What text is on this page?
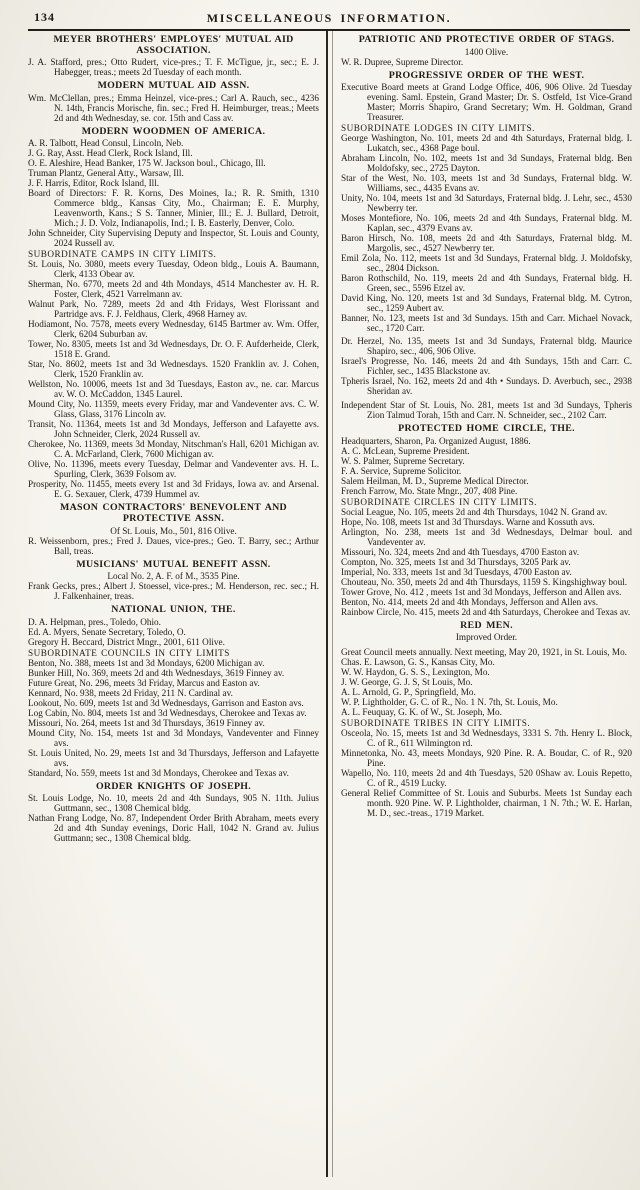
134	MISCELLANEOUS INFORMATION.
MEYER BROTHERS' EMPLOYES' MUTUAL AID ASSOCIATION.
J. A. Stafford, pres.; Otto Rudert, vice-pres.; T. F. McTigue, jr., sec.; E. J. Habegger, treas.; meets 2d Tuesday of each month.
MODERN MUTUAL AID ASSN.
Wm. McClellan, pres.; Emma Heinzel, vice-pres.; Carl A. Rauch, sec., 4236 N. 14th, Francis Morische, fin. sec.; Fred H. Heimburger, treas.; Meets 2d and 4th Wednesday, se. cor. 15th and Cass av.
MODERN WOODMEN OF AMERICA.
A. R. Talbott, Head Consul, Lincoln, Neb.
J. G. Ray, Asst. Head Clerk, Rock Island, Ill.
O. E. Aleshire, Head Banker, 175 W. Jackson boul., Chicago, Ill.
Truman Plantz, General Atty., Warsaw, Ill.
J. F. Harris, Editor, Rock Island, Ill.
Board of Directors: F. R. Korns, Des Moines, Ia.; R. R. Smith, 1310 Commerce bldg., Kansas City, Mo., Chairman; E. E. Murphy, Leavenworth, Kans.; S S. Tanner, Minier, Ill.; E. J. Bullard, Detroit, Mich.; J. D. Volz, Indianapolis, Ind.; I. B. Easterly, Denver, Colo.
John Schneider, City Supervising Deputy and Inspector, St. Louis and County, 2024 Russell av.
SUBORDINATE CAMPS IN CITY LIMITS.
St. Louis, No. 3080, meets every Tuesday, Odeon bldg., Louis A. Baumann, Clerk, 4133 Obear av.
Sherman, No. 6770, meets 2d and 4th Mondays, 4514 Manchester av. H. R. Foster, Clerk, 4521 Varrelmann av.
Walnut Park, No. 7289, meets 2d and 4th Fridays, West Florissant and Partridge avs. F. J. Feldhaus, Clerk, 4968 Harney av.
Hodiamont, No. 7578, meets every Wednesday, 6145 Bartmer av. Wm. Offer, Clerk, 6204 Suburban av.
Tower, No. 8305, meets 1st and 3d Wednesdays, Dr. O. F. Aufderheide, Clerk, 1518 E. Grand.
Star, No. 8602, meets 1st and 3d Wednesdays. 1520 Franklin av. J. Cohen, Clerk, 1520 Franklin av.
Wellston, No. 10006, meets 1st and 3d Tuesdays, Easton av., ne. car. Marcus av. W. O. McCaddon, 1345 Laurel.
Mound City, No. 11359, meets every Friday, mar and Vandeventer avs. C. W. Glass, Glass, 3176 Lincoln av.
Transit, No. 11364, meets 1st and 3d Mondays, Jefferson and Lafayette avs. John Schneider, Clerk, 2024 Russell av.
Cherokee, No. 11369, meets 3d Monday, Nitschman's Hall, 6201 Michigan av. C. A. McFarland, Clerk, 7600 Michigan av.
Olive, No. 11396, meets every Tuesday, Delmar and Vandeventer avs. H. L. Spurling, Clerk, 3639 Folsom av.
Prosperity, No. 11455, meets every 1st and 3d Fridays, Iowa av. and Arsenal. E. G. Sexauer, Clerk, 4739 Hummel av.
MASON CONTRACTORS' BENEVOLENT AND PROTECTIVE ASSN.
Of St. Louis, Mo., 501, 816 Olive.
R. Weissenborn, pres.; Fred J. Daues, vice-pres.; Geo. T. Barry, sec.; Arthur Ball, treas.
MUSICIANS' MUTUAL BENEFIT ASSN.
Local No. 2, A. F. of M., 3535 Pine.
Frank Gecks, pres.; Albert J. Stoessel, vice-pres.; M. Henderson, rec. sec.; H. J. Falkenhainer, treas.
NATIONAL UNION, THE.
D. A. Helpman, pres., Toledo, Ohio.
Ed. A. Myers, Senate Secretary, Toledo, O.
Gregory H. Beccard, District Mngr., 2001, 611 Olive.
SUBORDINATE COUNCILS IN CITY LIMITS
Benton, No. 388, meets 1st and 3d Mondays, 6200 Michigan av.
Bunker Hill, No. 369, meets 2d and 4th Wednesdays, 3619 Finney av.
Future Great, No. 296, meets 3d Friday, Marcus and Easton av.
Kennard, No. 938, meets 2d Friday, 211 N. Cardinal av.
Lookout, No. 609, meets 1st and 3d Wednesdays, Garrison and Easton avs.
Log Cabin, No. 804, meets 1st and 3d Wednesdays, Cherokee and Texas av.
Missouri, No. 264, meets 1st and 3d Thursdays, 3619 Finney av.
Mound City, No. 154, meets 1st and 3d Mondays, Vandeventer and Finney avs.
St. Louis United, No. 29, meets 1st and 3d Thursdays, Jefferson and Lafayette avs.
Standard, No. 559, meets 1st and 3d Mondays, Cherokee and Texas av.
ORDER KNIGHTS OF JOSEPH.
St. Louis Lodge, No. 10, meets 2d and 4th Sundays, 905 N. 11th. Julius Guttmann, sec., 1308 Chemical bldg.
Nathan Frang Lodge, No. 87, Independent Order Brith Abraham, meets every 2d and 4th Sunday evenings, Doric Hall, 1042 N. Grand av. Julius Guttmann; sec., 1308 Chemical bldg.
PATRIOTIC AND PROTECTIVE ORDER OF STAGS.
1400 Olive.
W. R. Dupree, Supreme Director.
PROGRESSIVE ORDER OF THE WEST.
Executive Board meets at Grand Lodge Office, 406, 906 Olive. 2d Tuesday evening. Saml. Epstein, Grand Master; Dr. S. Ostfeld, 1st Vice-Grand Master; Morris Shapiro, Grand Secretary; Wm. H. Goldman, Grand Treasurer.
SUBORDINATE LODGES IN CITY LIMITS.
George Washington, No. 101, meets 2d and 4th Saturdays, Fraternal bldg. I. Lukatch, sec., 4368 Page boul.
Abraham Lincoln, No. 102, meets 1st and 3d Sundays, Fraternal bldg. Ben Moldofsky, sec., 2725 Dayton.
Star of the West, No. 103, meets 1st and 3d Sundays, Fraternal bldg. W. Williams, sec., 4435 Evans av.
Unity, No. 104, meets 1st and 3d Saturdays, Fraternal bldg. J. Lehr, sec., 4530 Newberry ter.
Moses Montefiore, No. 106, meets 2d and 4th Sundays, Fraternal bldg. M. Kaplan, sec., 4379 Evans av.
Baron Hirsch, No. 108, meets 2d and 4th Saturdays, Fraternal bldg. M. Margolis, sec., 4527 Newberry ter.
Emil Zola, No. 112, meets 1st and 3d Sundays, Fraternal bldg. J. Moldofsky, sec., 2804 Dickson.
Baron Rothschild, No. 119, meets 2d and 4th Sundays, Fraternal bldg. H. Green, sec., 5596 Etzel av.
David King, No. 120, meets 1st and 3d Sundays, Fraternal bldg. M. Cytron, sec., 1259 Aubert av.
Banner, No. 123, meets 1st and 3d Sundays. 15th and Carr. Michael Novack, sec., 1720 Carr.
Dr. Herzel, No. 135, meets 1st and 3d Sundays, Fraternal bldg. Maurice Shapiro, sec., 406, 906 Olive.
Israel's Progresse, No. 146, meets 2d and 4th Sundays, 15th and Carr. C. Fichler, sec., 1435 Blackstone av.
Tpheris Israel, No. 162, meets 2d and 4th • Sundays. D. Averbuch, sec., 2938 Sheridan av.
Independent Star of St. Louis, No. 281, meets 1st and 3d Sundays, Tpheris Zion Talmud Torah, 15th and Carr. N. Schneider, sec., 2102 Carr.
PROTECTED HOME CIRCLE, THE.
Headquarters, Sharon, Pa. Organized August, 1886.
A. C. McLean, Supreme President.
W. S. Palmer, Supreme Secretary.
F. A. Service, Supreme Solicitor.
Salem Heilman, M. D., Supreme Medical Director.
French Farrow, Mo. State Mngr., 207, 408 Pine.
SUBORDINATE CIRCLES IN CITY LIMITS.
Social League, No. 105, meets 2d and 4th Thursdays, 1042 N. Grand av.
Hope, No. 108, meets 1st and 3d Thursdays. Warne and Kossuth avs.
Arlington, No. 238, meets 1st and 3d Wednesdays, Delmar boul. and Vandeventer av.
Missouri, No. 324, meets 2nd and 4th Tuesdays, 4700 Easton av.
Compton, No. 325, meets 1st and 3d Thursdays, 3205 Park av.
Imperial, No. 333, meets 1st and 3d Tuesdays, 4700 Easton av.
Chouteau, No. 350, meets 2d and 4th Thursdays, 1159 S. Kingshighway boul.
Tower Grove, No. 412 , meets 1st and 3d Mondays, Jefferson and Allen avs.
Benton, No. 414, meets 2d and 4th Mondays, Jefferson and Allen avs.
Rainbow Circle, No. 415, meets 2d and 4th Saturdays, Cherokee and Texas av.
RED MEN.
Improved Order.
Great Council meets annually. Next meeting, May 20, 1921, in St. Louis, Mo.
Chas. E. Lawson, G. S., Kansas City, Mo.
W. W. Haydon, G. S. S., Lexington, Mo.
J. W. George, G. J. S, St Louis, Mo.
A. L. Arnold, G. P., Springfield, Mo.
W. P. Lightholder, G. C. of R., No. 1 N. 7th, St. Louis, Mo.
A. L. Feuquay, G. K. of W., St. Joseph, Mo.
SUBORDINATE TRIBES IN CITY LIMITS.
Osceola, No. 15, meets 1st and 3d Wednesdays, 3331 S. 7th. Henry L. Block, C. of R., 611 Wilmington rd.
Minnetonka, No. 43, meets Mondays, 920 Pine. R. A. Boudar, C. of R., 920 Pine.
Wapello, No. 110, meets 2d and 4th Tuesdays, 520 0Shaw av. Louis Repetto, C. of R., 4519 Lucky.
General Relief Committee of St. Louis and Suburbs. Meets 1st Sunday each month. 920 Pine. W. P. Lightholder, chairman, 1 N. 7th.; W. E. Harlan, M. D., sec.-treas., 1719 Market.
